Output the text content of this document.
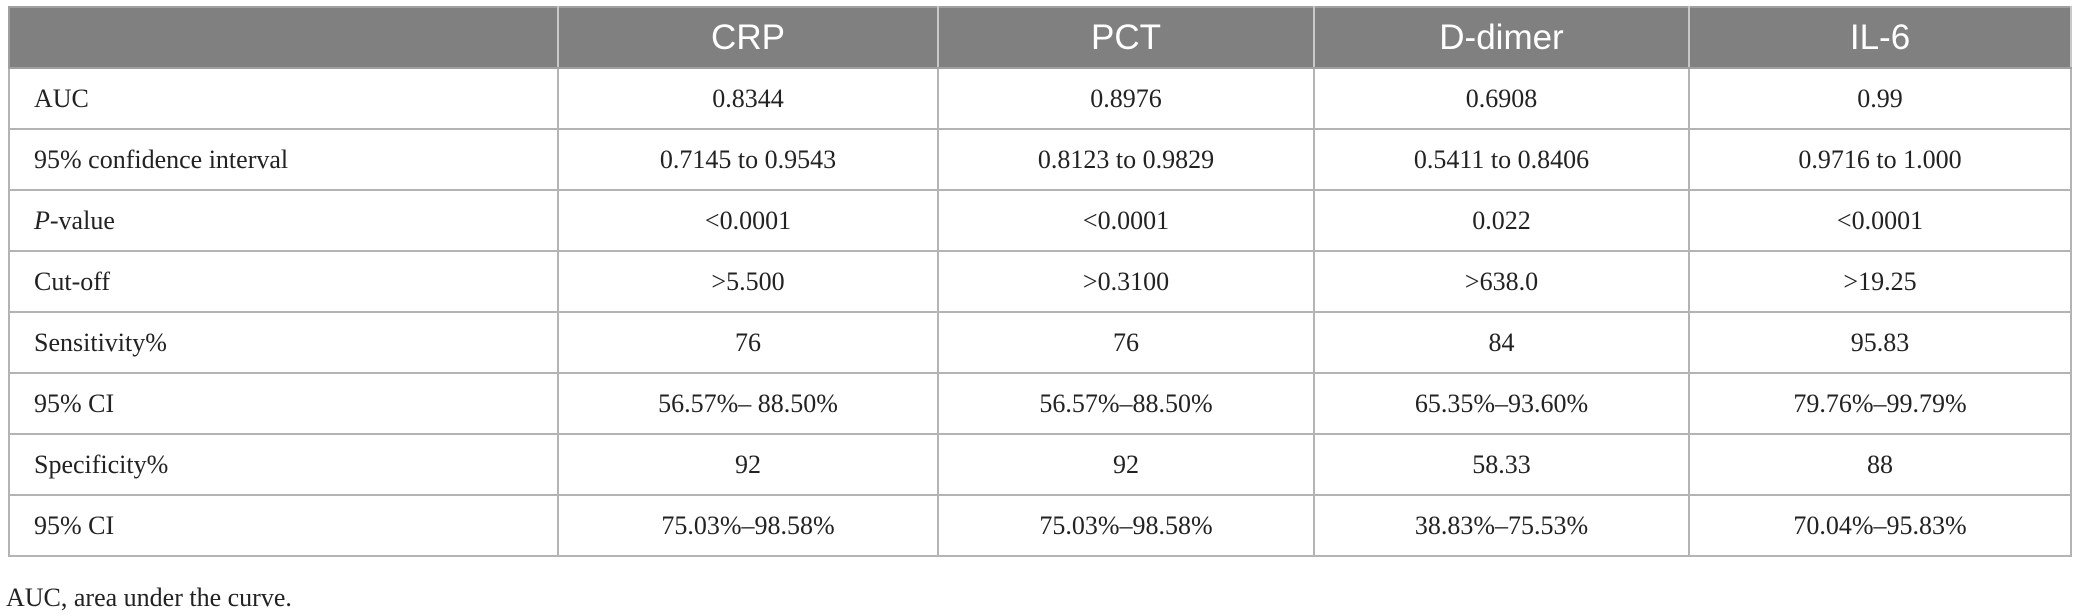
	CRP	PCT	D-dimer	IL-6
AUC	0.8344	0.8976	0.6908	0.99
95% confidence interval	0.7145 to 0.9543	0.8123 to 0.9829	0.5411 to 0.8406	0.9716 to 1.000
P-value	<0.0001	<0.0001	0.022	<0.0001
Cut-off	>5.500	>0.3100	>638.0	>19.25
Sensitivity%	76	76	84	95.83
95% CI	56.57%– 88.50%	56.57%–88.50%	65.35%–93.60%	79.76%–99.79%
Specificity%	92	92	58.33	88
95% CI	75.03%–98.58%	75.03%–98.58%	38.83%–75.53%	70.04%–95.83%
AUC, area under the curve.
